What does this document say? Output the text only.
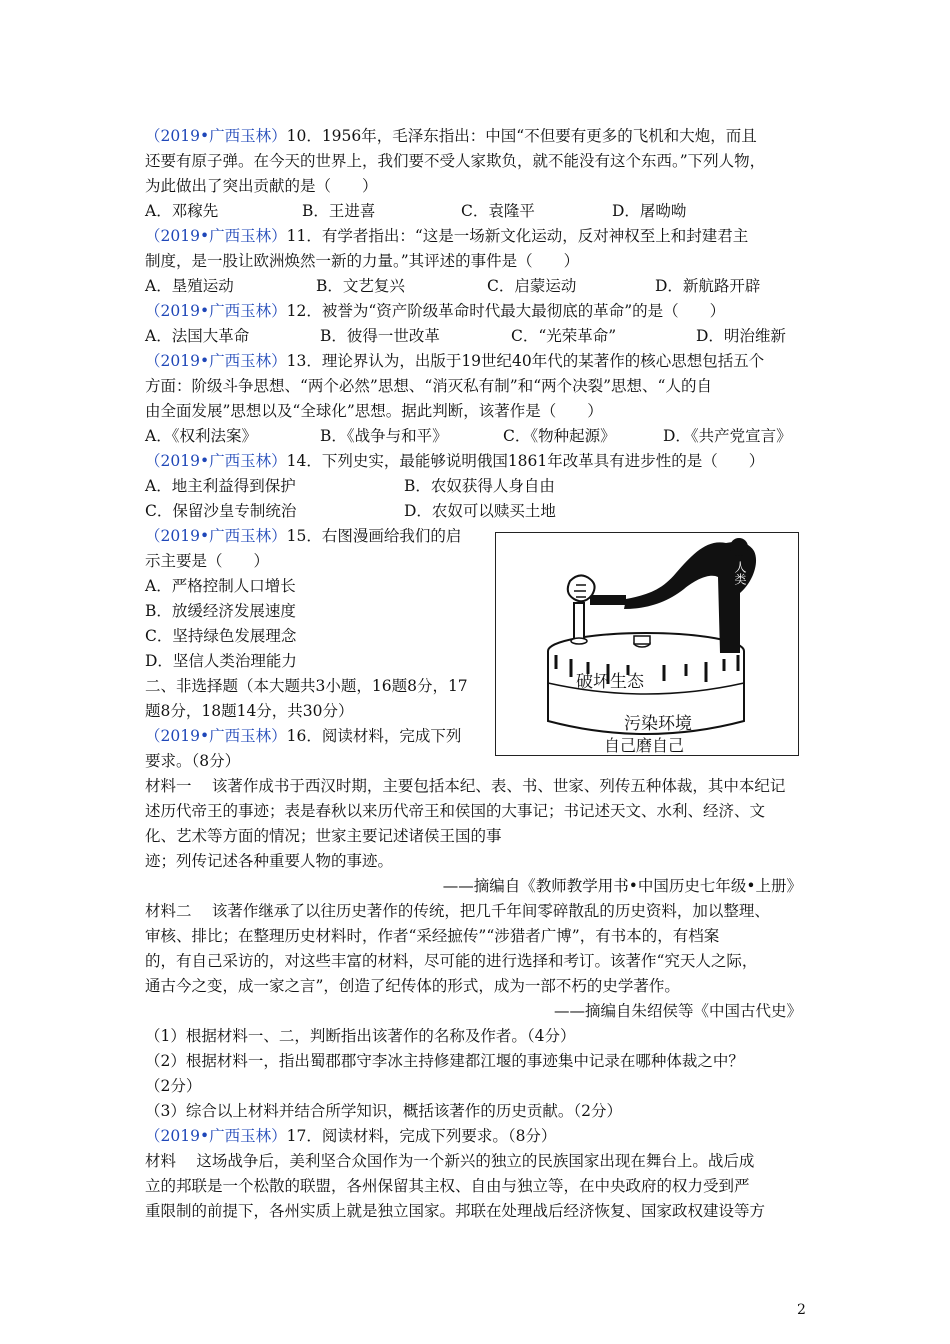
（2019•广西玉林）10．1956年，毛泽东指出：中国“不但要有更多的飞机和大炮，而且
还要有原子弹。在今天的世界上，我们要不受人家欺负，就不能没有这个东西。”下列人物，
为此做出了突出贡献的是（　　）
A．邓稼先	B．王进喜	C．袁隆平	D．屠呦呦
（2019•广西玉林）11．有学者指出：“这是一场新文化运动，反对神权至上和封建君主
制度，是一股让欧洲焕然一新的力量。”其评述的事件是（　　）
A．垦殖运动	B．文艺复兴	C．启蒙运动	D．新航路开辟
（2019•广西玉林）12．被誉为“资产阶级革命时代最大最彻底的革命”的是（　　）
A．法国大革命	B．彼得一世改革	C．“光荣革命”	D．明治维新
（2019•广西玉林）13．理论界认为，出版于19世纪40年代的某著作的核心思想包括五个
方面：阶级斗争思想、“两个必然”思想、“消灭私有制”和“两个决裂”思想、“人的自
由全面发展”思想以及“全球化”思想。据此判断，该著作是（　　）
A．《权利法案》	B．《战争与和平》	C．《物种起源》	D．《共产党宣言》
（2019•广西玉林）14．下列史实，最能够说明俄国1861年改革具有进步性的是（　　）
A．地主利益得到保护	B．农奴获得人身自由
C．保留沙皇专制统治	D．农奴可以赎买土地
（2019•广西玉林）15．右图漫画给我们的启
示主要是（　　）
A．严格控制人口增长
B．放缓经济发展速度
C．坚持绿色发展理念
D．坚信人类治理能力
人类
破坏生态
污染环境
自己磨自己
二、非选择题（本大题共3小题，16题8分，17
题8分，18题14分，共30分）
（2019•广西玉林）16．阅读材料，完成下列
要求。（8分）
材料一　 该著作成书于西汉时期，主要包括本纪、表、书、世家、列传五种体裁，其中本纪记
述历代帝王的事迹；表是春秋以来历代帝王和侯国的大事记；书记述天文、水利、经济、文
化、艺术等方面的情况；世家主要记述诸侯王国的事
迹；列传记述各种重要人物的事迹。
——摘编自《教师教学用书•中国历史七年级•上册》
材料二　 该著作继承了以往历史著作的传统，把几千年间零碎散乱的历史资料，加以整理、
审核、排比；在整理历史材料时，作者“采经摭传”“涉猎者广博”，有书本的，有档案
的，有自己采访的，对这些丰富的材料，尽可能的进行选择和考订。该著作“究天人之际，
通古今之变，成一家之言”，创造了纪传体的形式，成为一部不朽的史学著作。
——摘编自朱绍侯等《中国古代史》
（1）根据材料一、二，判断指出该著作的名称及作者。（4分）
（2）根据材料一，指出蜀郡郡守李冰主持修建都江堰的事迹集中记录在哪种体裁之中？
（2分）
（3）综合以上材料并结合所学知识，概括该著作的历史贡献。（2分）
（2019•广西玉林）17．阅读材料，完成下列要求。（8分）
材料　 这场战争后，美利坚合众国作为一个新兴的独立的民族国家出现在舞台上。战后成
立的邦联是一个松散的联盟，各州保留其主权、自由与独立等，在中央政府的权力受到严
重限制的前提下，各州实质上就是独立国家。邦联在处理战后经济恢复、国家政权建设等方
2
